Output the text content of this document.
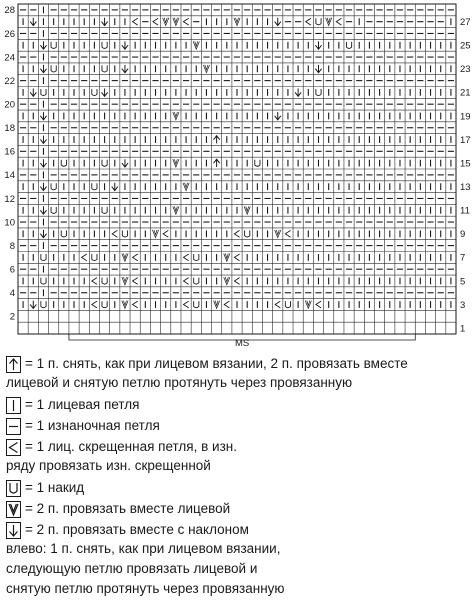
28
26
24
22
20
18
16
14
12
10
8
6
4
2
27
25
23
21
19
17
15
13
11
9
7
5
3
1
MS
= 1 п. снять, как при лицевом вязании, 2 п. провязать вместе
лицевой и снятую петлю протянуть через провязанную
= 1 лицевая петля
= 1 изнаночная петля
= 1 лиц. скрещенная петля, в изн.
ряду провязать изн. скрещенной
= 1 накид
= 2 п. провязать вместе лицевой
= 2 п. провязать вместе с наклоном
влево: 1 п. снять, как при лицевом вязании,
следующую петлю провязать лицевой и
снятую петлю протянуть через провязанную
